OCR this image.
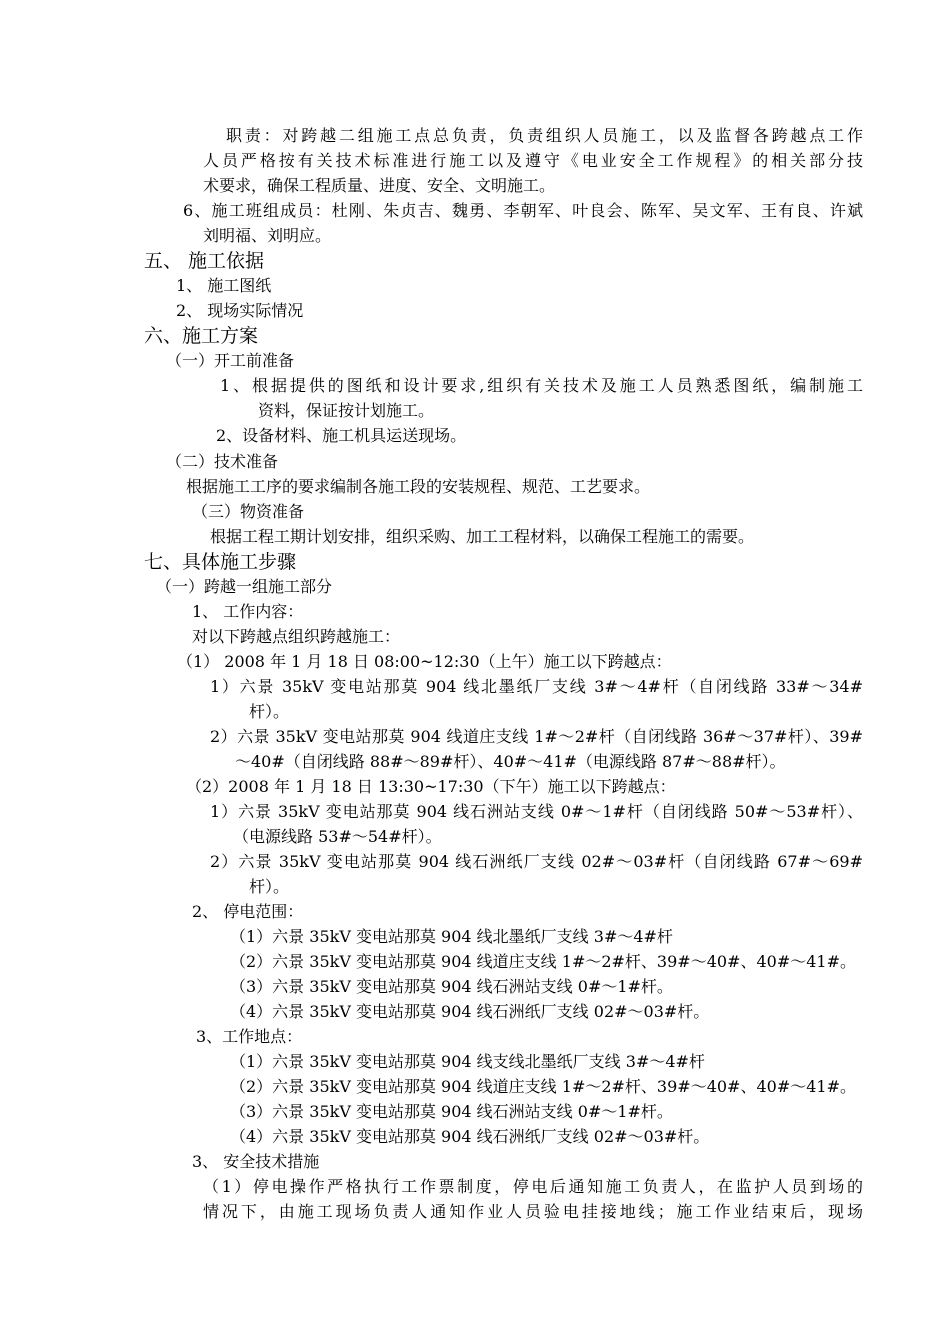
职责：对跨越二组施工点总负责，负责组织人员施工，以及监督各跨越点工作
人员严格按有关技术标准进行施工以及遵守《电业安全工作规程》的相关部分技
术要求，确保工程质量、进度、安全、文明施工。
6、施工班组成员：杜刚、朱贞吉、魏勇、李朝军、叶良会、陈军、吴文军、王有良、许斌
刘明福、刘明应。
五、 施工依据
1、 施工图纸
2、 现场实际情况
六、施工方案
（一）开工前准备
1、根据提供的图纸和设计要求,组织有关技术及施工人员熟悉图纸，编制施工
资料，保证按计划施工。
2、设备材料、施工机具运送现场。
（二）技术准备
根据施工工序的要求编制各施工段的安装规程、规范、工艺要求。
（三）物资准备
根据工程工期计划安排，组织采购、加工工程材料，以确保工程施工的需要。
七、具体施工步骤
（一）跨越一组施工部分
1、 工作内容：
对以下跨越点组织跨越施工：
（1） 2008 年 1 月 18 日 08:00~12:30（上午）施工以下跨越点：
1）六景 35kV 变电站那莫 904 线北墨纸厂支线 3#～4#杆（自闭线路 33#～34#
杆）。
2）六景 35kV 变电站那莫 904 线道庄支线 1#～2#杆（自闭线路 36#～37#杆）、39#
～40#（自闭线路 88#～89#杆）、40#～41#（电源线路 87#～88#杆）。
（2）2008 年 1 月 18 日 13:30~17:30（下午）施工以下跨越点：
1）六景 35kV 变电站那莫 904 线石洲站支线 0#～1#杆（自闭线路 50#～53#杆）、
（电源线路 53#～54#杆）。
2）六景 35kV 变电站那莫 904 线石洲纸厂支线 02#～03#杆（自闭线路 67#～69#
杆）。
2、 停电范围：
（1）六景 35kV 变电站那莫 904 线北墨纸厂支线 3#～4#杆
（2）六景 35kV 变电站那莫 904 线道庄支线 1#～2#杆、39#～40#、40#～41#。
（3）六景 35kV 变电站那莫 904 线石洲站支线 0#～1#杆。
（4）六景 35kV 变电站那莫 904 线石洲纸厂支线 02#～03#杆。
3、工作地点：
（1）六景 35kV 变电站那莫 904 线支线北墨纸厂支线 3#～4#杆
（2）六景 35kV 变电站那莫 904 线道庄支线 1#～2#杆、39#～40#、40#～41#。
（3）六景 35kV 变电站那莫 904 线石洲站支线 0#～1#杆。
（4）六景 35kV 变电站那莫 904 线石洲纸厂支线 02#～03#杆。
3、 安全技术措施
（1）停电操作严格执行工作票制度，停电后通知施工负责人，在监护人员到场的
情况下，由施工现场负责人通知作业人员验电挂接地线；施工作业结束后，现场
